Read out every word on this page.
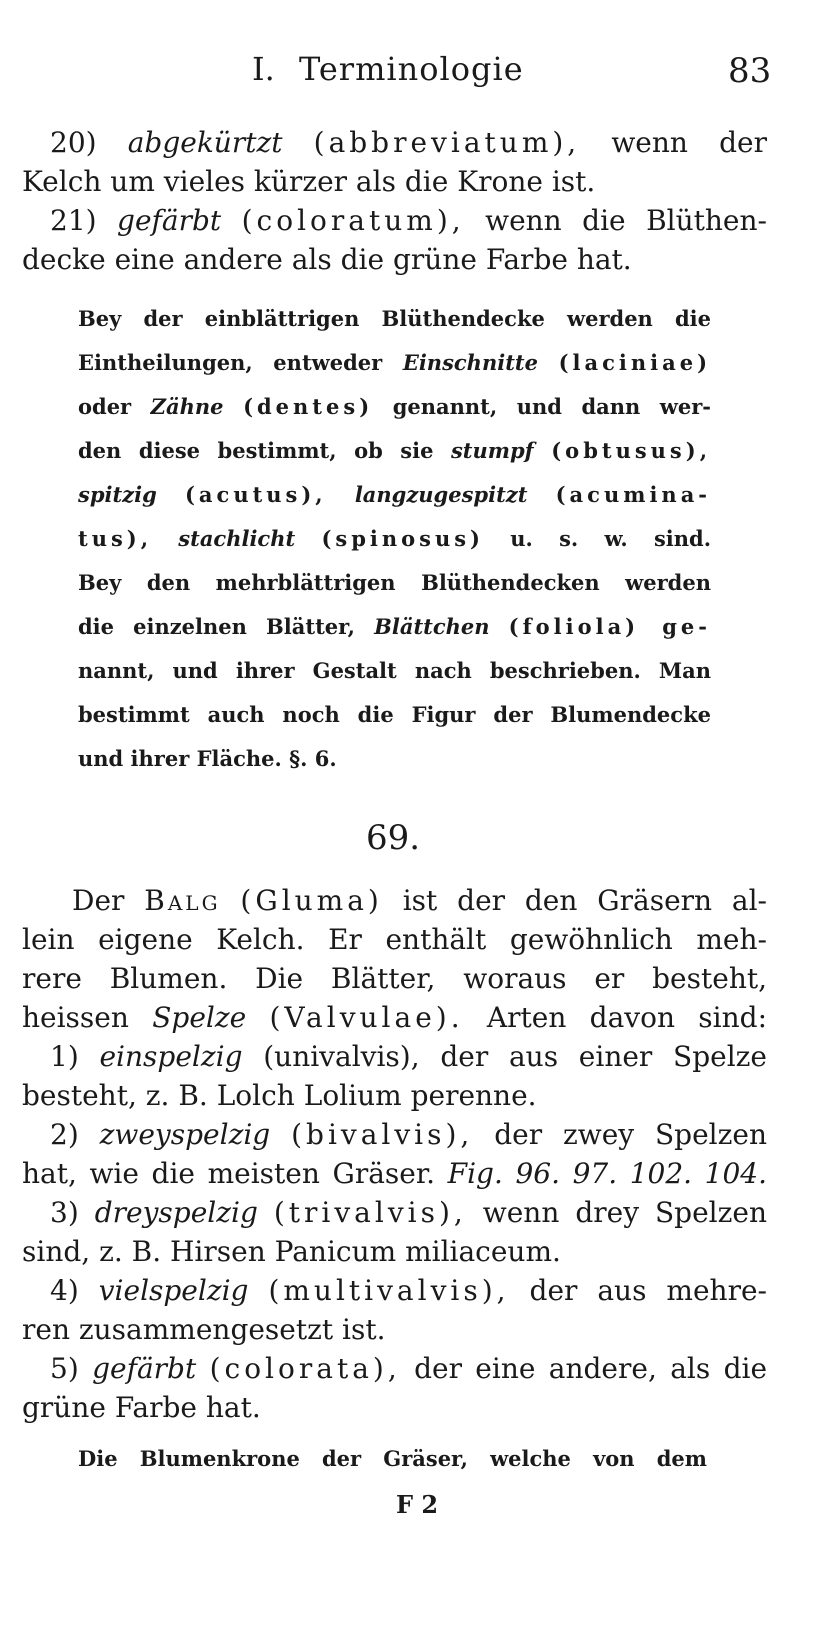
I. Terminologie	83
20) abgekürtzt (abbreviatum), wenn der
Kelch um vieles kürzer als die Krone ist.
21) gefärbt (coloratum), wenn die Blüthen-
decke eine andere als die grüne Farbe hat.
Bey der einblättrigen Blüthendecke werden die
Eintheilungen, entweder Einschnitte (laciniae)
oder Zähne (dentes) genannt, und dann wer-
den diese bestimmt, ob sie stumpf (obtusus),
spitzig (acutus), langzugespitzt (acumina-
tus), stachlicht (spinosus) u. s. w. sind.
Bey den mehrblättrigen Blüthendecken werden
die einzelnen Blätter, Blättchen (foliola) ge-
nannt, und ihrer Gestalt nach beschrieben. Man
bestimmt auch noch die Figur der Blumendecke
und ihrer Fläche. §. 6.
69.
Der Balg (Gluma) ist der den Gräsern al-
lein eigene Kelch. Er enthält gewöhnlich meh-
rere Blumen. Die Blätter, woraus er besteht,
heissen Spelze (Valvulae). Arten davon sind:
1) einspelzig (univalvis), der aus einer Spelze
besteht, z. B. Lolch Lolium perenne.
2) zweyspelzig (bivalvis), der zwey Spelzen
hat, wie die meisten Gräser. Fig. 96. 97. 102. 104.
3) dreyspelzig (trivalvis), wenn drey Spelzen
sind, z. B. Hirsen Panicum miliaceum.
4) vielspelzig (multivalvis), der aus mehre-
ren zusammengesetzt ist.
5) gefärbt (colorata), der eine andere, als die
grüne Farbe hat.
Die Blumenkrone der Gräser, welche von dem
F 2
